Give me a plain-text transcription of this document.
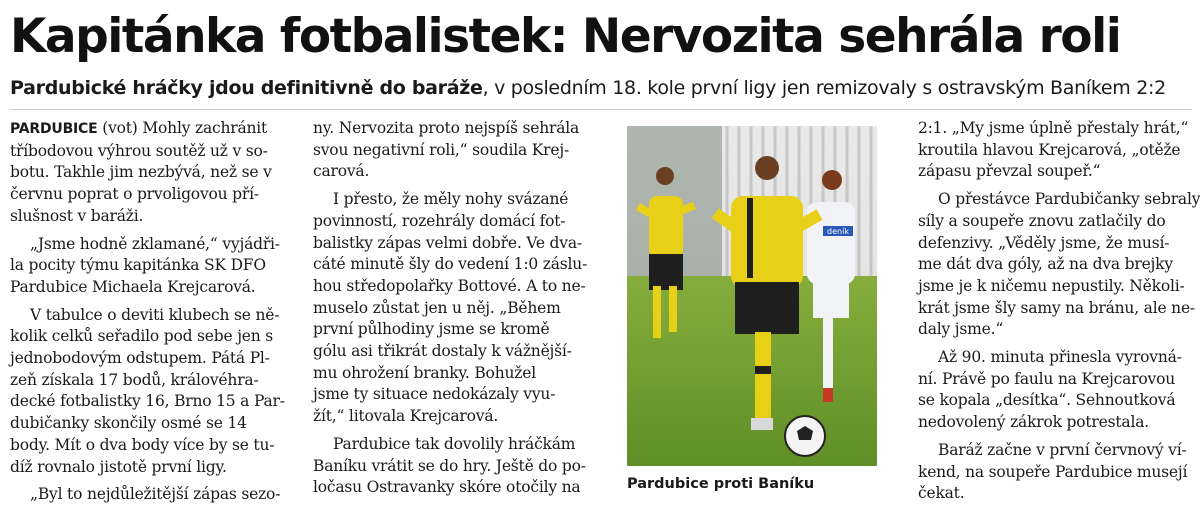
Kapitánka fotbalistek: Nervozita sehrála roli
Pardubické hráčky jdou definitivně do baráže, v posledním 18. kole první ligy jen remizovaly s ostravským Baníkem 2:2
PARDUBICE (vot) Mohly zachránit
tříbodovou výhrou soutěž už v so-
botu. Takhle jim nezbývá, než se v
červnu poprat o prvoligovou pří-
slušnost v baráži.
„Jsme hodně zklamané,“ vyjádři-
la pocity týmu kapitánka SK DFO
Pardubice Michaela Krejcarová.
V tabulce o deviti klubech se ně-
kolik celků seřadilo pod sebe jen s
jednobodovým odstupem. Pátá Pl-
zeň získala 17 bodů, královéhra-
decké fotbalistky 16, Brno 15 a Par-
dubičanky skončily osmé se 14
body. Mít o dva body více by se tu-
díž rovnalo jistotě první ligy.
„Byl to nejdůležitější zápas sezo-
ny. Nervozita proto nejspíš sehrála
svou negativní roli,“ soudila Krej-
carová.
I přesto, že měly nohy svázané
povinností, rozehrály domácí fot-
balistky zápas velmi dobře. Ve dva-
cáté minutě šly do vedení 1:0 záslu-
hou středopolařky Bottové. A to ne-
muselo zůstat jen u něj. „Během
první půlhodiny jsme se kromě
gólu asi třikrát dostaly k vážnější-
mu ohrožení branky. Bohužel
jsme ty situace nedokázaly vyu-
žít,“ litovala Krejcarová.
Pardubice tak dovolily hráčkám
Baníku vrátit se do hry. Ještě do po-
ločasu Ostravanky skóre otočily na
deník
Pardubice proti Baníku
2:1. „My jsme úplně přestaly hrát,“
kroutila hlavou Krejcarová, „otěže
zápasu převzal soupeř.“
O přestávce Pardubičanky sebraly
síly a soupeře znovu zatlačily do
defenzivy. „Věděly jsme, že musí-
me dát dva góly, až na dva brejky
jsme je k ničemu nepustily. Několi-
krát jsme šly samy na bránu, ale ne-
daly jsme.“
Až 90. minuta přinesla vyrovná-
ní. Právě po faulu na Krejcarovou
se kopala „desítka“. Sehnoutková
nedovolený zákrok potrestala.
Baráž začne v první červnový ví-
kend, na soupeře Pardubice musejí
čekat.
